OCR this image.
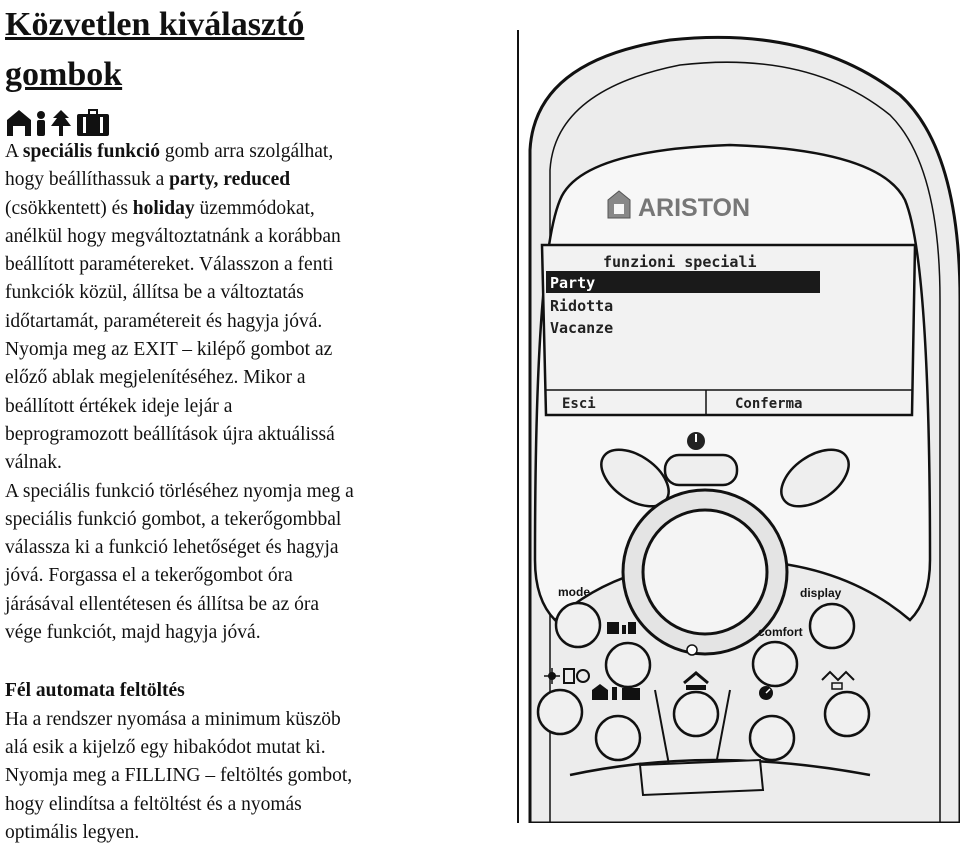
Közvetlen kiválasztó
gombok

A speciális funkció gomb arra szolgálhat,
hogy beállíthassuk a party, reduced
(csökkentett) és holiday üzemmódokat,
anélkül hogy megváltoztatnánk a korábban
beállított paramétereket. Válasszon a fenti
funkciók közül, állítsa be a változtatás
időtartamát, paramétereit és hagyja jóvá.
Nyomja meg az EXIT – kilépő gombot az
előző ablak megjelenítéséhez. Mikor a
beállított értékek ideje lejár a
beprogramozott beállítások újra aktuálissá
válnak.

A speciális funkció törléséhez nyomja meg a
speciális funkció gombot, a tekerőgombbal
válassza ki a funkció lehetőséget és hagyja
jóvá. Forgassa el a tekerőgombot óra
járásával ellentétesen és állítsa be az óra
vége funkciót, majd hagyja jóvá.

Fél automata feltöltés
Ha a rendszer nyomása a minimum küszöb
alá esik a kijelző egy hibakódot mutat ki.
Nyomja meg a FILLING – feltöltés gombot,
hogy elindítsa a feltöltést és a nyomás
optimális legyen.

ARISTON
funzioni speciali
Party
Ridotta
Vacanze
Esci	Conferma
mode	display
comfort
